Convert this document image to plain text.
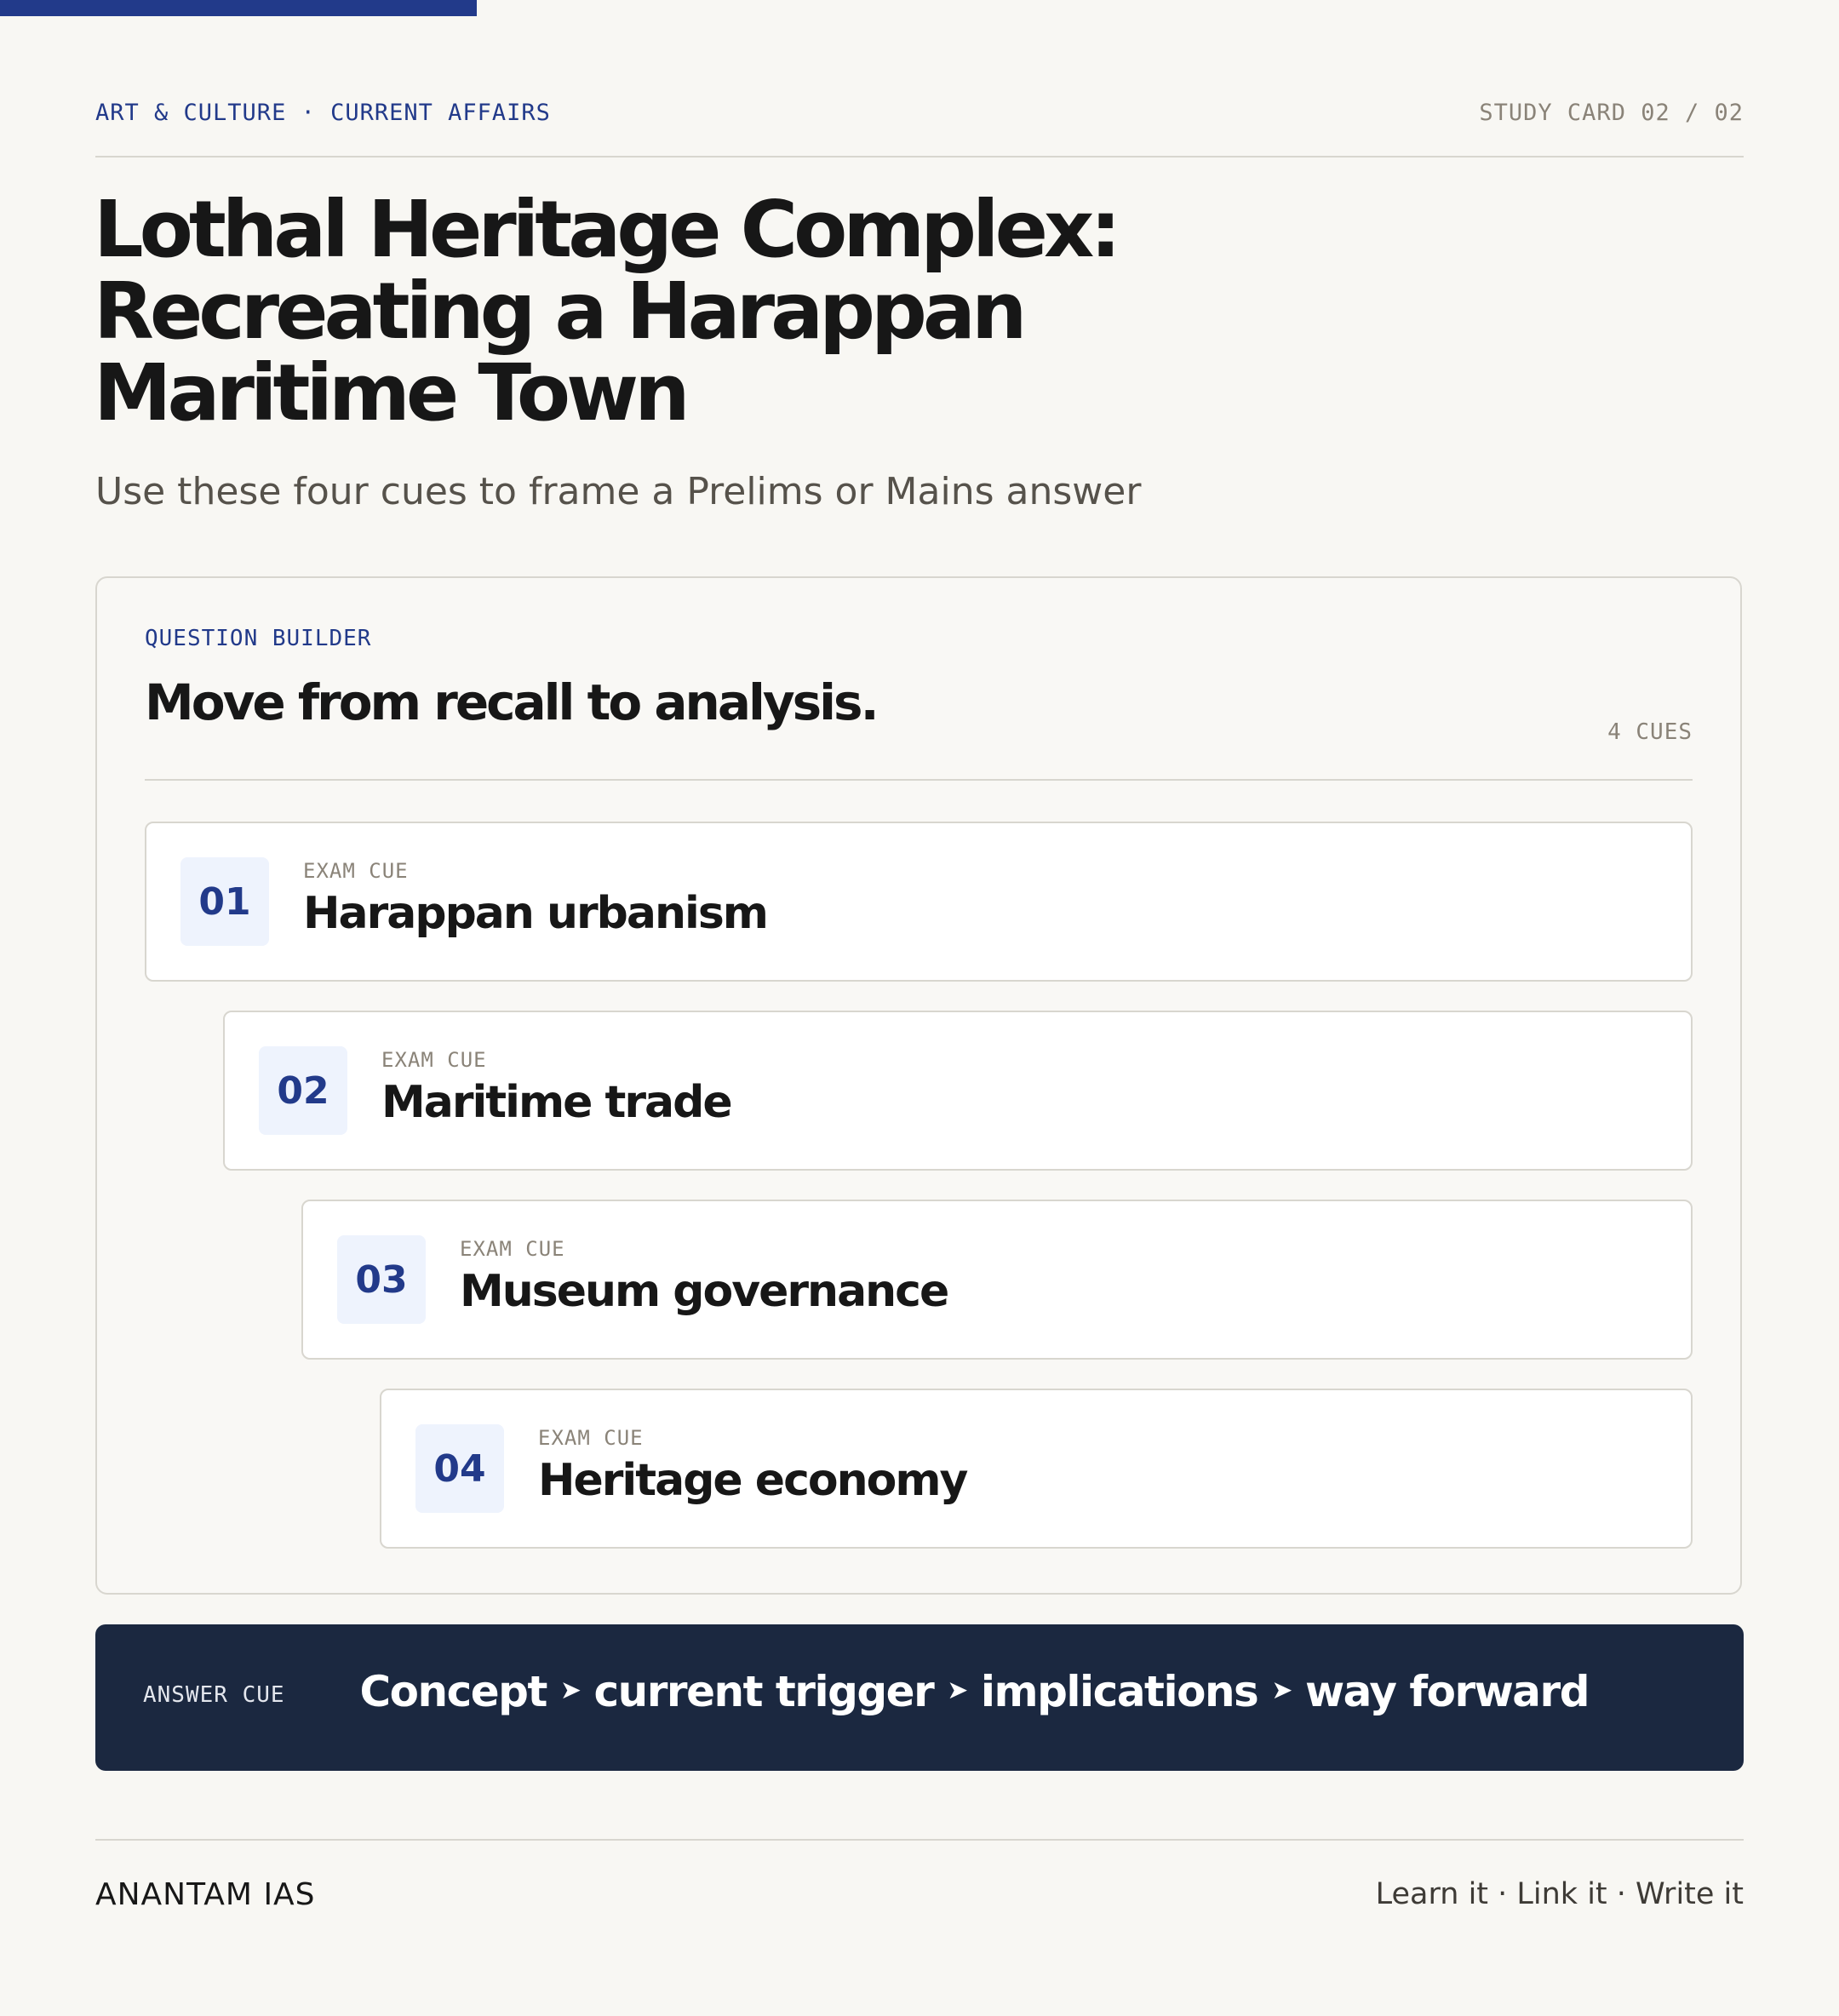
ART & CULTURE · CURRENT AFFAIRS	STUDY CARD 02 / 02
Lothal Heritage Complex:
Recreating a Harappan
Maritime Town
Use these four cues to frame a Prelims or Mains answer
QUESTION BUILDER
Move from recall to analysis.
4 CUES
01
EXAM CUE
Harappan urbanism
02
EXAM CUE
Maritime trade
03
EXAM CUE
Museum governance
04
EXAM CUE
Heritage economy
ANSWER CUE Concept ➤ current trigger ➤ implications ➤ way forward
ANANTAM IAS	Learn it · Link it · Write it
